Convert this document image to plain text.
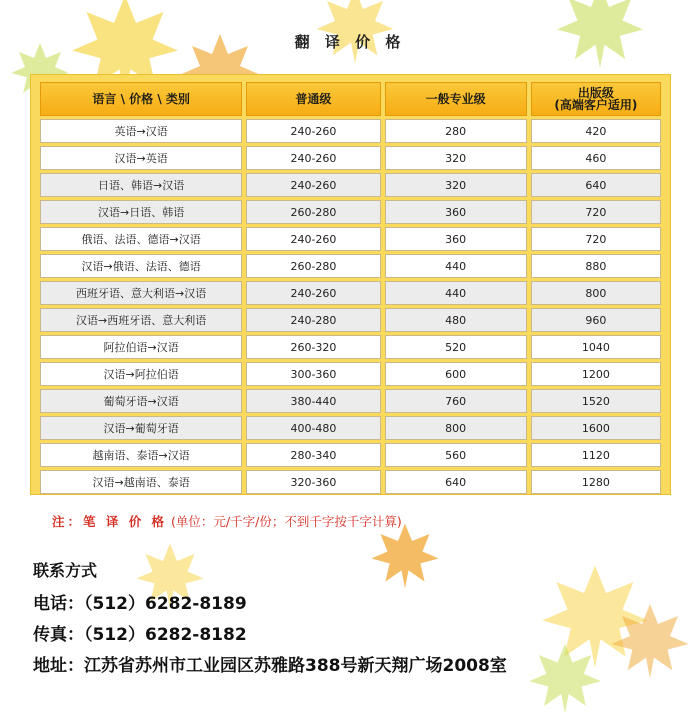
翻 译 价 格
语言 \ 价格 \ 类别	普通级	一般专业级	出版级
(高端客户适用)
英语→汉语	240-260	280	420
汉语→英语	240-260	320	460
日语、韩语→汉语	240-260	320	640
汉语→日语、韩语	260-280	360	720
俄语、法语、德语→汉语	240-260	360	720
汉语→俄语、法语、德语	260-280	440	880
西班牙语、意大利语→汉语	240-260	440	800
汉语→西班牙语、意大利语	240-280	480	960
阿拉伯语→汉语	260-320	520	1040
汉语→阿拉伯语	300-360	600	1200
葡萄牙语→汉语	380-440	760	1520
汉语→葡萄牙语	400-480	800	1600
越南语、泰语→汉语	280-340	560	1120
汉语→越南语、泰语	320-360	640	1280
注：笔 译 价 格 (单位：元/千字/份；不到千字按千字计算)
联系方式
电话：（512）6282-8189
传真：（512）6282-8182
地址：江苏省苏州市工业园区苏雅路388号新天翔广场2008室
